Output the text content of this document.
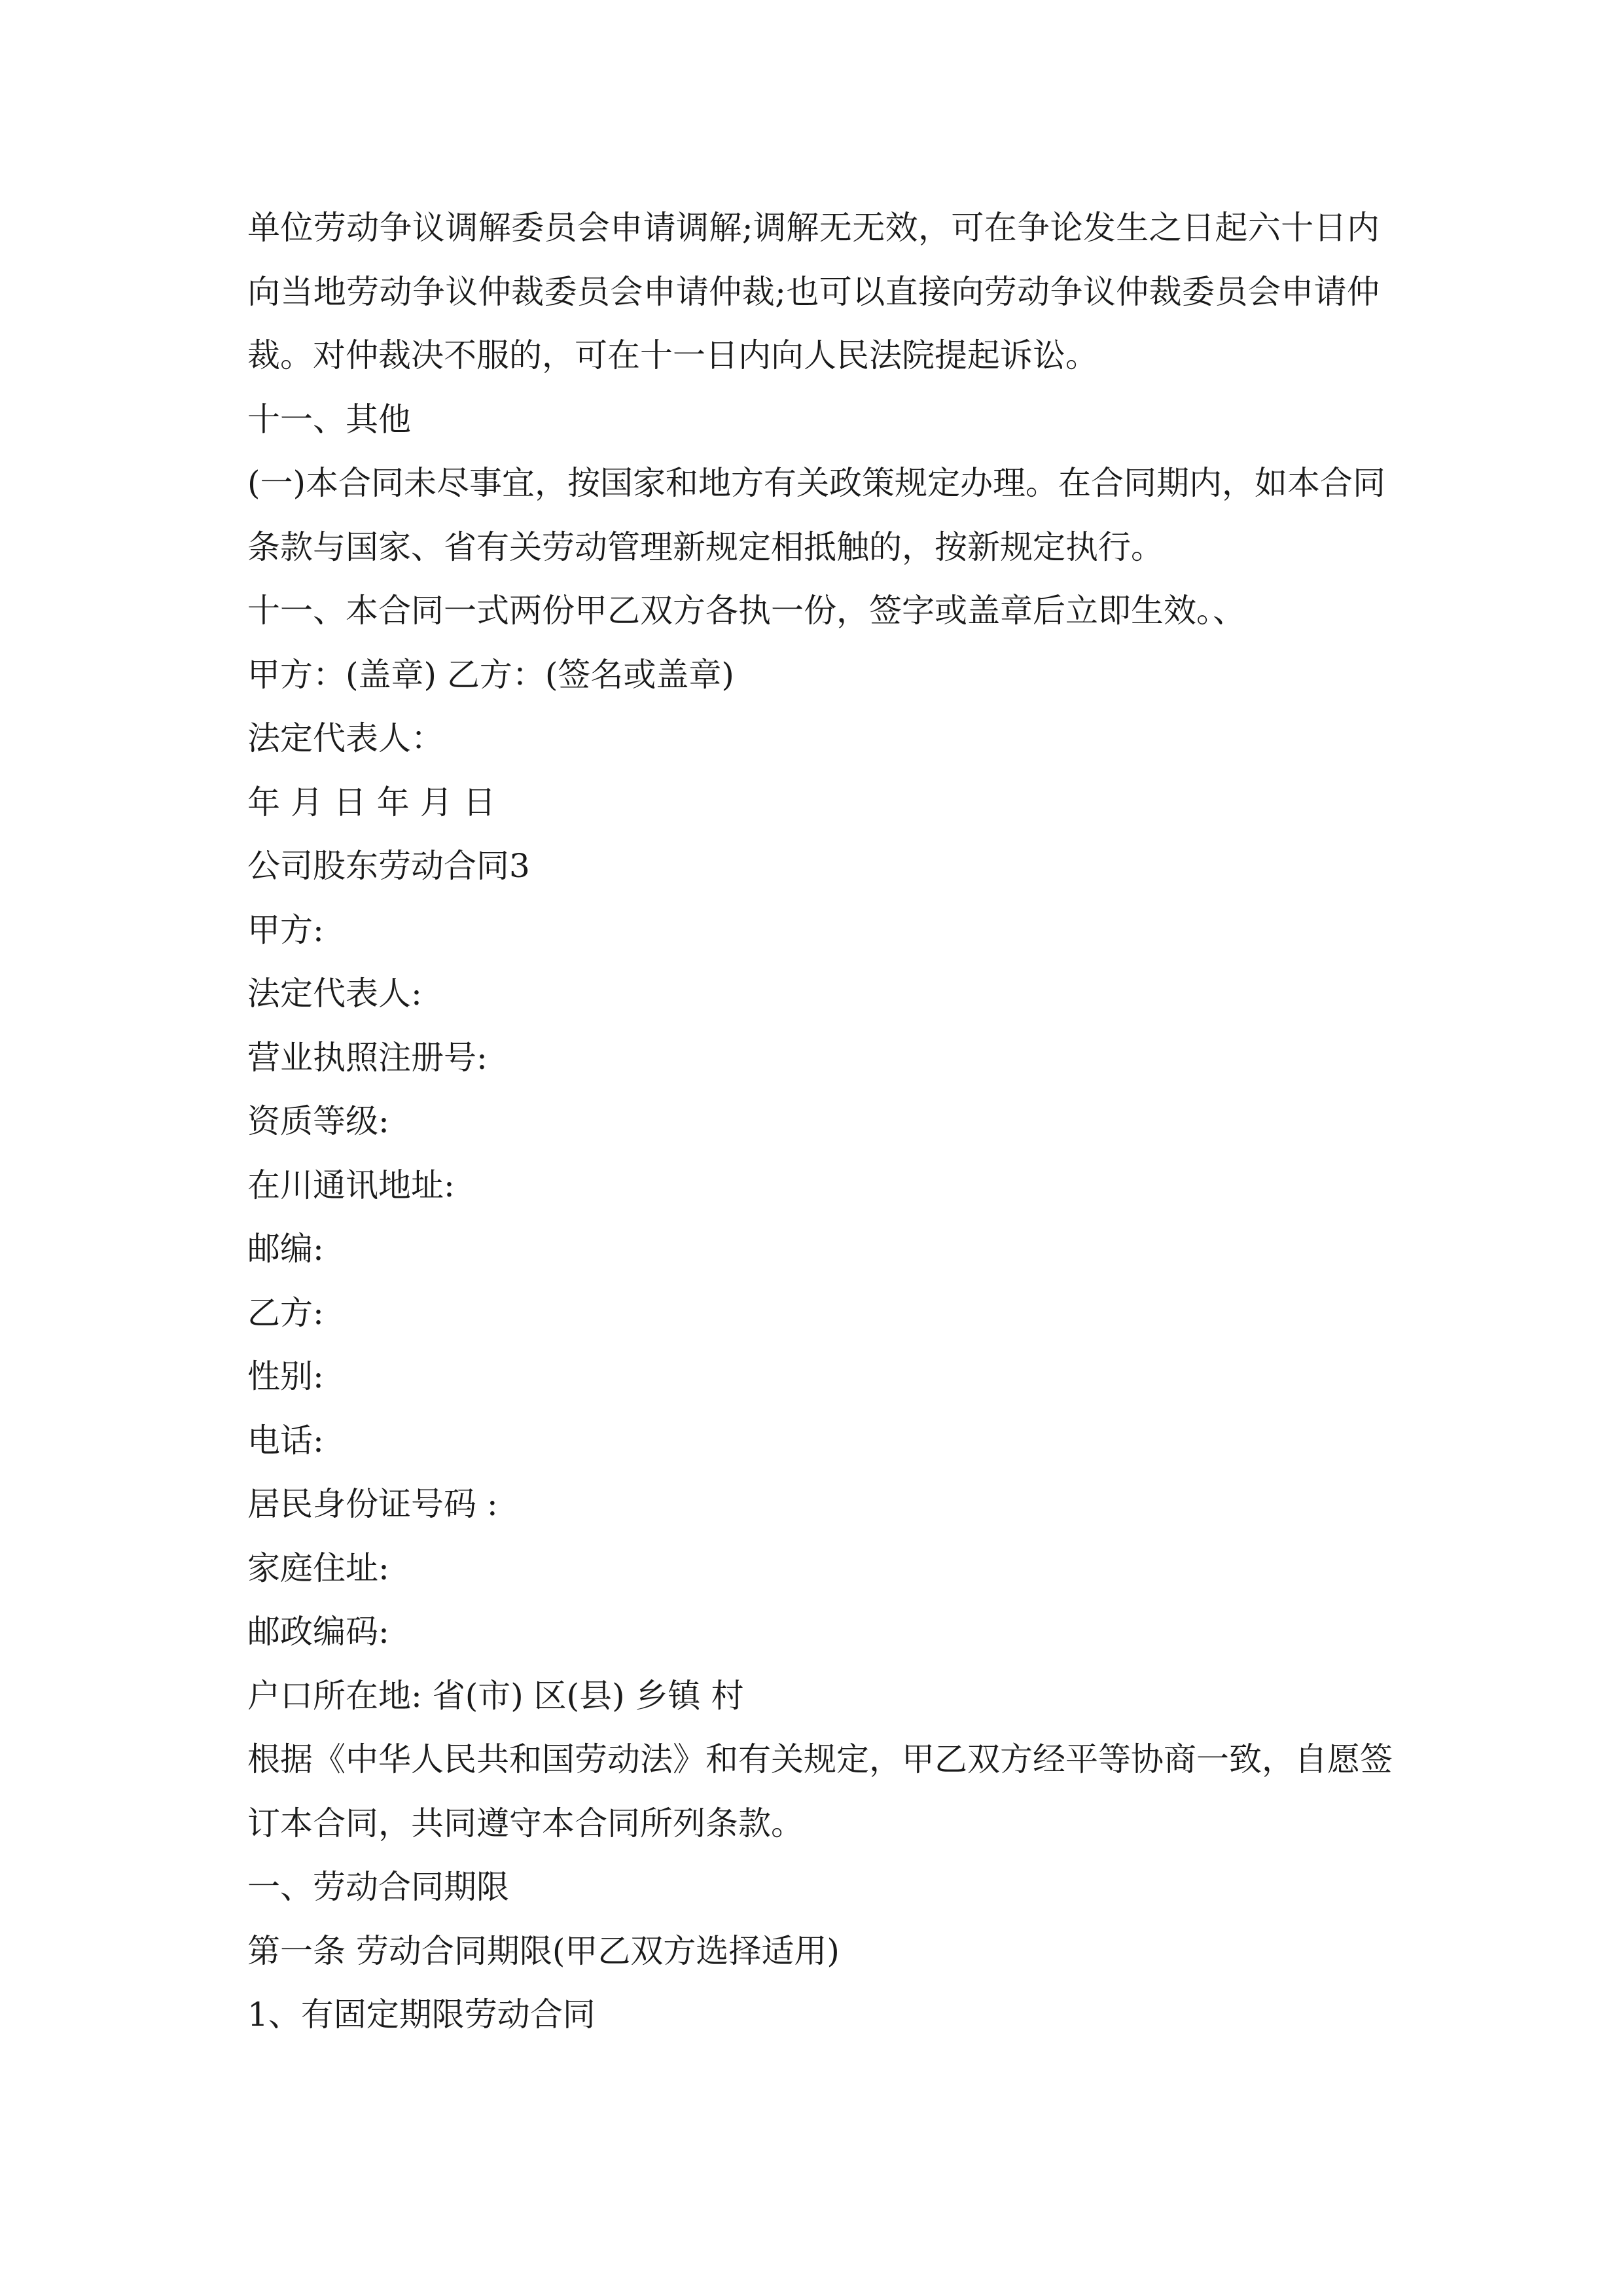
单位劳动争议调解委员会申请调解;调解无无效，可在争论发生之日起六十日内
向当地劳动争议仲裁委员会申请仲裁;也可以直接向劳动争议仲裁委员会申请仲
裁。对仲裁决不服的，可在十一日内向人民法院提起诉讼。
十一、其他
(一)本合同未尽事宜，按国家和地方有关政策规定办理。在合同期内，如本合同
条款与国家、省有关劳动管理新规定相抵触的，按新规定执行。
十一、本合同一式两份甲乙双方各执一份，签字或盖章后立即生效。、
甲方：(盖章) 乙方：(签名或盖章)
法定代表人：
年 月 日 年 月 日
公司股东劳动合同3
甲方:
法定代表人:
营业执照注册号:
资质等级:
在川通讯地址:
邮编:
乙方:
性别:
电话:
居民身份证号码 :
家庭住址:
邮政编码:
户口所在地: 省(市) 区(县) 乡镇 村
根据《中华人民共和国劳动法》和有关规定，甲乙双方经平等协商一致，自愿签
订本合同，共同遵守本合同所列条款。
一、劳动合同期限
第一条 劳动合同期限(甲乙双方选择适用)
1、有固定期限劳动合同
